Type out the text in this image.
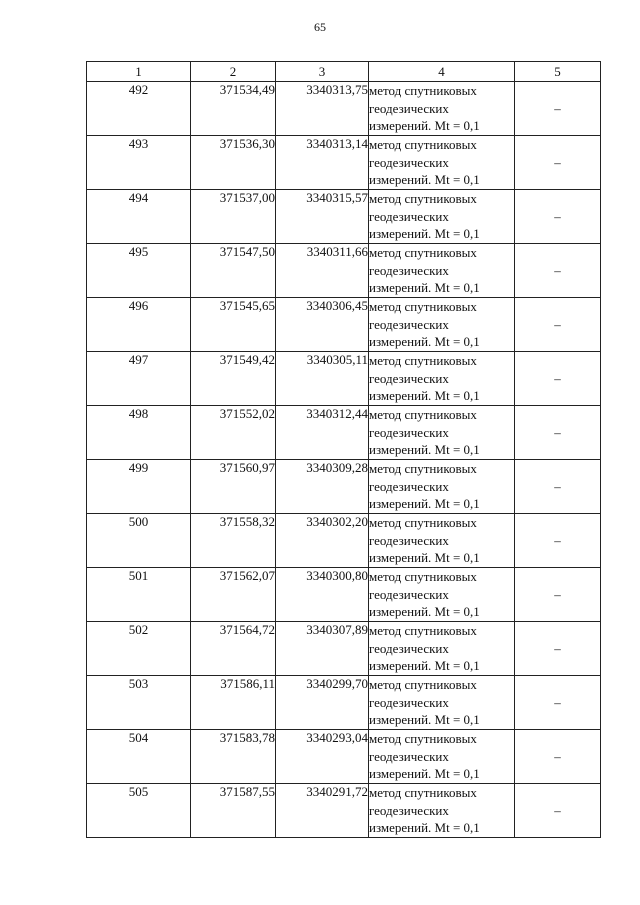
65
1	2	3	4	5
492	371534,49	3340313,75	метод спутниковых
геодезических
измерений. Mt = 0,1	–
493	371536,30	3340313,14	метод спутниковых
геодезических
измерений. Mt = 0,1	–
494	371537,00	3340315,57	метод спутниковых
геодезических
измерений. Mt = 0,1	–
495	371547,50	3340311,66	метод спутниковых
геодезических
измерений. Mt = 0,1	–
496	371545,65	3340306,45	метод спутниковых
геодезических
измерений. Mt = 0,1	–
497	371549,42	3340305,11	метод спутниковых
геодезических
измерений. Mt = 0,1	–
498	371552,02	3340312,44	метод спутниковых
геодезических
измерений. Mt = 0,1	–
499	371560,97	3340309,28	метод спутниковых
геодезических
измерений. Mt = 0,1	–
500	371558,32	3340302,20	метод спутниковых
геодезических
измерений. Mt = 0,1	–
501	371562,07	3340300,80	метод спутниковых
геодезических
измерений. Mt = 0,1	–
502	371564,72	3340307,89	метод спутниковых
геодезических
измерений. Mt = 0,1	–
503	371586,11	3340299,70	метод спутниковых
геодезических
измерений. Mt = 0,1	–
504	371583,78	3340293,04	метод спутниковых
геодезических
измерений. Mt = 0,1	–
505	371587,55	3340291,72	метод спутниковых
геодезических
измерений. Mt = 0,1	–
